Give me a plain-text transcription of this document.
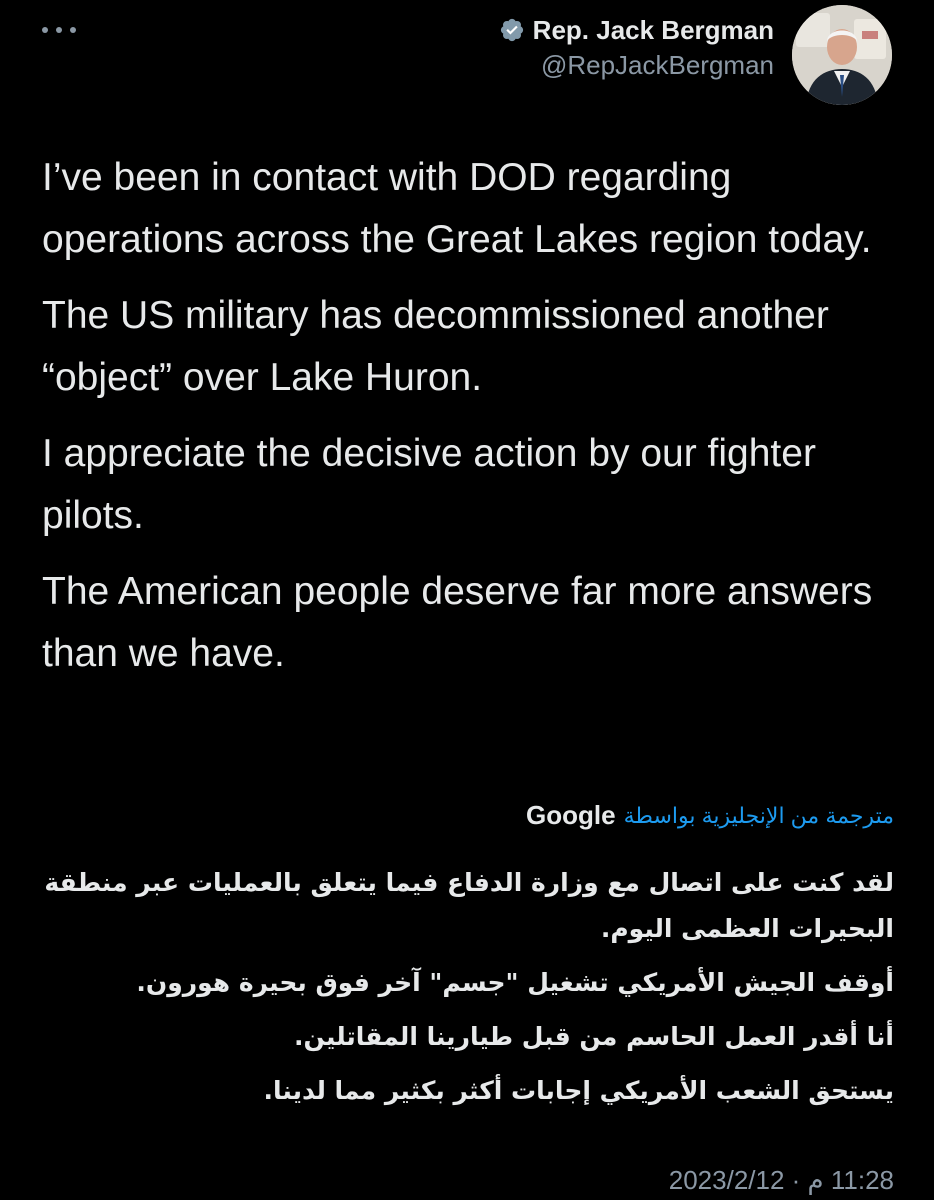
Rep. Jack Bergman
@RepJackBergman

I’ve been in contact with DOD regarding operations across the Great Lakes region today.

The US military has decommissioned another “object” over Lake Huron.

I appreciate the decisive action by our fighter pilots.

The American people deserve far more answers than we have.

مترجمة من الإنجليزية بواسطة
Google

لقد كنت على اتصال مع وزارة الدفاع فيما يتعلق بالعمليات عبر منطقة البحيرات العظمى اليوم.

أوقف الجيش الأمريكي تشغيل "جسم" آخر فوق بحيرة هورون.

أنا أقدر العمل الحاسم من قبل طيارينا المقاتلين.

يستحق الشعب الأمريكي إجابات أكثر بكثير مما لدينا.

11:28 م · 2023/2/12
